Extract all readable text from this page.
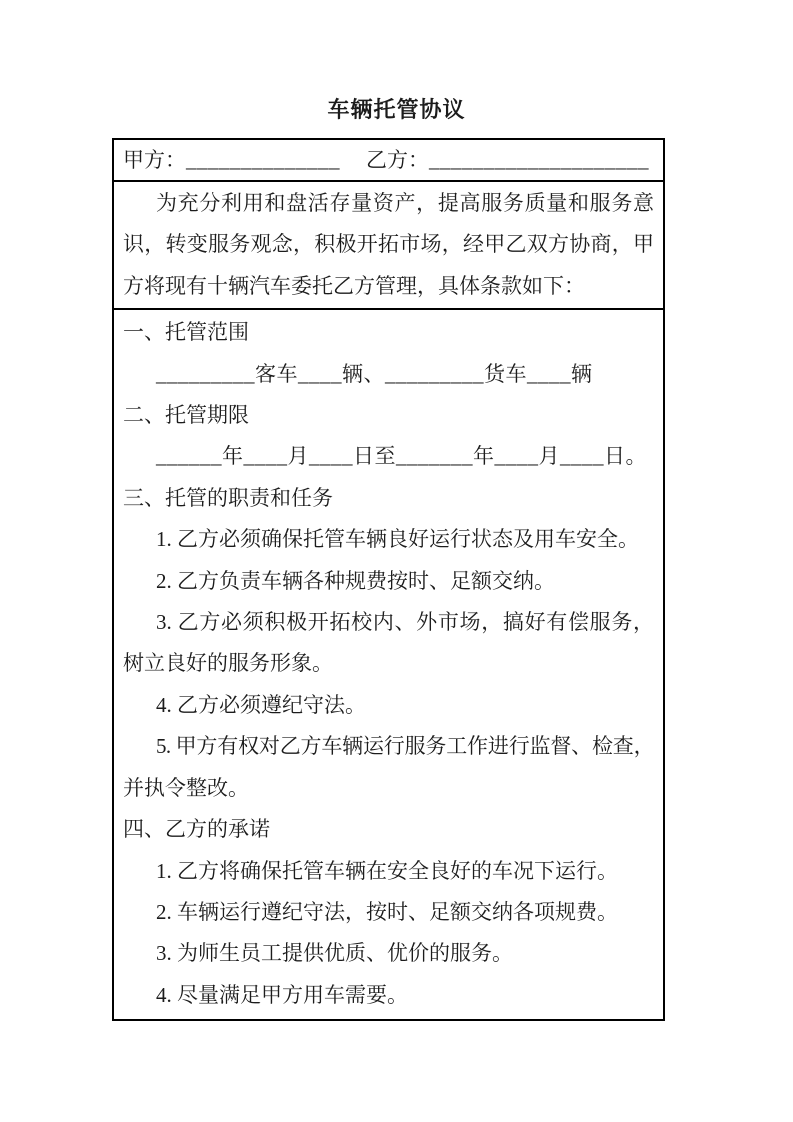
车辆托管协议
甲方：______________ 乙方：____________________
为充分利用和盘活存量资产，提高服务质量和服务意
识，转变服务观念，积极开拓市场，经甲乙双方协商，甲
方将现有十辆汽车委托乙方管理，具体条款如下：
一、托管范围
_________客车____辆、_________货车____辆
二、托管期限
______年____月____日至_______年____月____日。
三、托管的职责和任务
1. 乙方必须确保托管车辆良好运行状态及用车安全。
2. 乙方负责车辆各种规费按时、足额交纳。
3. 乙方必须积极开拓校内、外市场，搞好有偿服务，
树立良好的服务形象。
4. 乙方必须遵纪守法。
5. 甲方有权对乙方车辆运行服务工作进行监督、检查，
并执令整改。
四、乙方的承诺
1. 乙方将确保托管车辆在安全良好的车况下运行。
2. 车辆运行遵纪守法，按时、足额交纳各项规费。
3. 为师生员工提供优质、优价的服务。
4. 尽量满足甲方用车需要。
